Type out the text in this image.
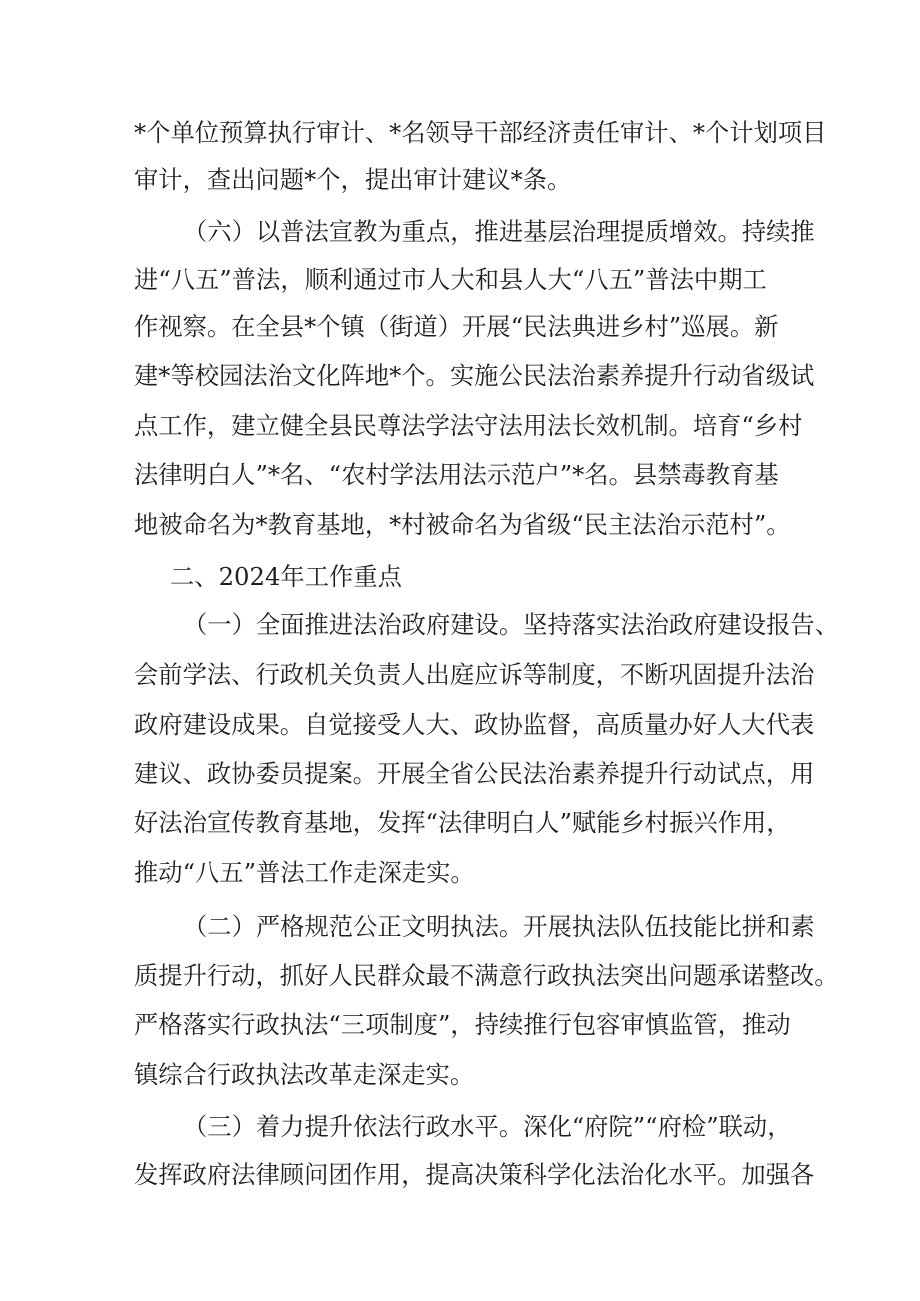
*个单位预算执行审计、*名领导干部经济责任审计、*个计划项目

审计，查出问题*个，提出审计建议*条。

（六）以普法宣教为重点，推进基层治理提质增效。持续推

进“八五”普法，顺利通过市人大和县人大“八五”普法中期工

作视察。在全县*个镇（街道）开展“民法典进乡村”巡展。新

建*等校园法治文化阵地*个。实施公民法治素养提升行动省级试

点工作，建立健全县民尊法学法守法用法长效机制。培育“乡村

法律明白人”*名、“农村学法用法示范户”*名。县禁毒教育基

地被命名为*教育基地，*村被命名为省级“民主法治示范村”。

二、2024年工作重点

（一）全面推进法治政府建设。坚持落实法治政府建设报告、

会前学法、行政机关负责人出庭应诉等制度，不断巩固提升法治

政府建设成果。自觉接受人大、政协监督，高质量办好人大代表

建议、政协委员提案。开展全省公民法治素养提升行动试点，用

好法治宣传教育基地，发挥“法律明白人”赋能乡村振兴作用，

推动“八五”普法工作走深走实。

（二）严格规范公正文明执法。开展执法队伍技能比拼和素

质提升行动，抓好人民群众最不满意行政执法突出问题承诺整改。

严格落实行政执法“三项制度”，持续推行包容审慎监管，推动

镇综合行政执法改革走深走实。

（三）着力提升依法行政水平。深化“府院”“府检”联动，

发挥政府法律顾问团作用，提高决策科学化法治化水平。加强各
